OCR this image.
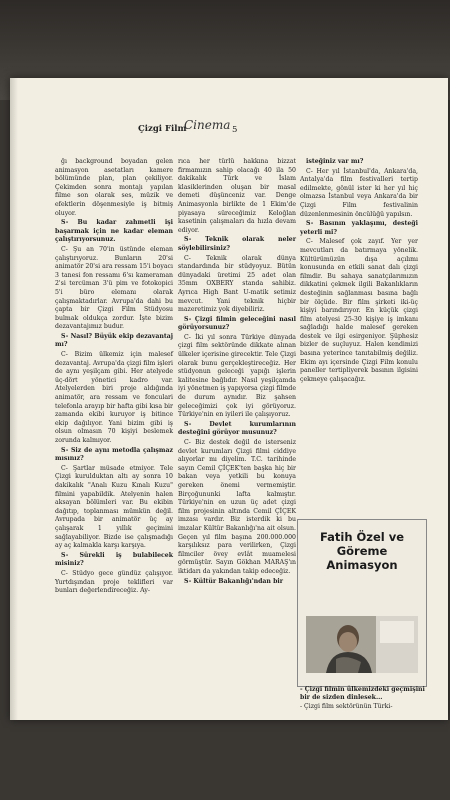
Çizgi Film
Cinema 5

ğı background boyadan gelen animasyon asetatları kamere bölümünde plan, plan çekiliyor. Çekimden sonra montajı yapılan filme son olarak ses, müzik ve efektlerin döşenmesiyle iş bitmiş oluyor.

S- Bu kadar zahmetli işi başarmak için ne kadar eleman çalıştırıyorsunuz.

C- Şu an 70'in üstünde eleman çalıştırıyoruz. Bunların 20'si animatör 20'si ara ressam 15'i boyacı 3 tanesi fon ressamı 6'sı kameraman 2'si tercüman 3'ü pim ve fotokopici 5'i büro elemanı olarak çalışmaktadırlar. Avrupa'da dahi bu çapta bir Çizgi Film Stüdyosu bulmak oldukça zordur. İşte bizim dezavantajımız budur.

S- Nasıl? Büyük ekip dezavantaj mı?

C- Bizim ülkemiz için malesef dezavantaj. Avrupa'da çizgi film işleri de aynı yeşilçam gibi. Her atelyede üç-dört yönetici kadro var. Atelyelerden biri proje aldığında animatör, ara ressam ve fonculari telefonla arayıp bir hafta gibi kısa bir zamanda ekibi kuruyor iş bitince ekip dağılıyor. Yani bizim gibi iş olsun olmasın 70 kişiyi beslemek zorunda kalmıyor.

S- Siz de aynı metodla çalışmaz mısınız?

C- Şartlar müsade etmiyor. Tele Çizgi kurulduktan altı ay sonra 10 dakikalık "Analı Kuzu Kınalı Kuzu" filmini yapabildik. Atelyenin halen aksayan bölümleri var. Bu ekibin dağıtıp, toplanması mümkün değil. Avrupada bir animatör üç ay çalışarak 1 yıllık geçimini sağlayabiliyor. Bizde ise çalışmadığı ay aç kalmakla karşı karşıya.

S- Sürekli iş bulabilecek misiniz?

C- Stüdyo gece gündüz çalışıyor. Yurtdışından proje teklifleri var bunları değerlendireceğiz. Ay-

rıca her türlü hakkına bizzat firmamızın sahip olacağı 40 ila 50 dakikalık Türk ve İslam klasiklerinden oluşan bir masal demeti düşünceniz var. Denge Animasyonla birlikte de 1 Ekim'de piyasaya süreceğimiz Keloğlan kasetinin çalışmaları da hızla devam ediyor.

S- Teknik olarak neler söylebilirsiniz?

C- Teknik olarak dünya standardında bir stüdyoyuz. Bütün dünyadaki üretimi 25 adet olan 35mm OXBERY standa sahibiz. Ayrıca High Bant U-matik setimiz mevcut. Yani teknik hiçbir mazeretimiz yok diyebiliriz.

S- Çizgi filmin geleceğini nasıl görüyorsunuz?

C- İki yıl sonra Türkiye dünyada çizgi film sektöründe dikkate alınan ülkeler içerisine girecektir. Tele Çizgi olarak bunu gerçekleştireceğiz. Her stüdyonun geleceği yapığı işlerin kalitesine bağlıdır. Nasıl yeşilçamda iyi yönetmen iş yapıyorsa çizgi filmde de durum aynıdır. Biz şahsen geleceğimizi çok iyi görüyoruz. Türkiye'nin en iyileri ile çalışıyoruz.

S- Devlet kurumlarının desteğini görüyor musunuz?

C- Biz destek değil de isterseniz devlet kurumları Çizgi filmi ciddiye alıyorlar mı diyelim. T.C. tarihinde sayın Cemil ÇİÇEK'ten başka hiç bir bakan veya yetkili bu konuya gereken önemi vermemiştir. Birçoğununki lafta kalmıştır. Türkiye'nin en uzun üç adet çizgi film projesinin altında Cemil ÇİÇEK imzası vardır. Biz isterdik ki bu imzalar Kültür Bakanlığı'na ait olsun. Geçen yıl film başına 200.000.000 karşılıksız para verilirken, Çizgi filmciler övey evlât muamelesi görmüştür. Sayın Gökhan MARAŞ'ın iktidarı da yakından takip edeceğiz.

S- Kültür Bakanlığı'ndan bir

isteğiniz var mı?

C- Her yıl İstanbul'da, Ankara'da, Antalya'da film festivalleri tertip edilmekte, gönül ister ki her yıl hiç olmazsa İstanbul veya Ankara'da bir Çizgi Film festivalinin düzenlenmesinin öncülüğü yapılsın.

S- Basının yaklaşımı, desteği yeterli mi?

C- Malesef çok zayıf. Yer yer mevcutları da batırmaya yönelik. Kültürümüzün dışa açılımı konusunda en etkili sanat dalı çizgi filmdir. Bu sahaya sanatçılarımızın dikkatini çekmek ilgili Bakanlıkların desteğinin sağlanması basına bağlı bir ölçüde. Bir film şirketi iki-üç kişiyi barındırıyor. En küçük çizgi film atelyesi 25-30 kişiye iş imkanı sağladığı halde malesef gereken destek ve ilgi esirgeniyor. Şüphesiz bizler de suçluyuz. Halen kendimizi basına yeterince tanıtabilmiş değiliz. Ekim ayı içersinde Çizgi Film konulu paneller tertipliyerek basının ilgisini çekmeye çalışacağız.

Fatih Özel ve
Göreme
Animasyon
- Çizgi filmin ülkemizdeki geçmişini bir de sizden dinlesek...
- Çizgi film sektörünün Türki-
